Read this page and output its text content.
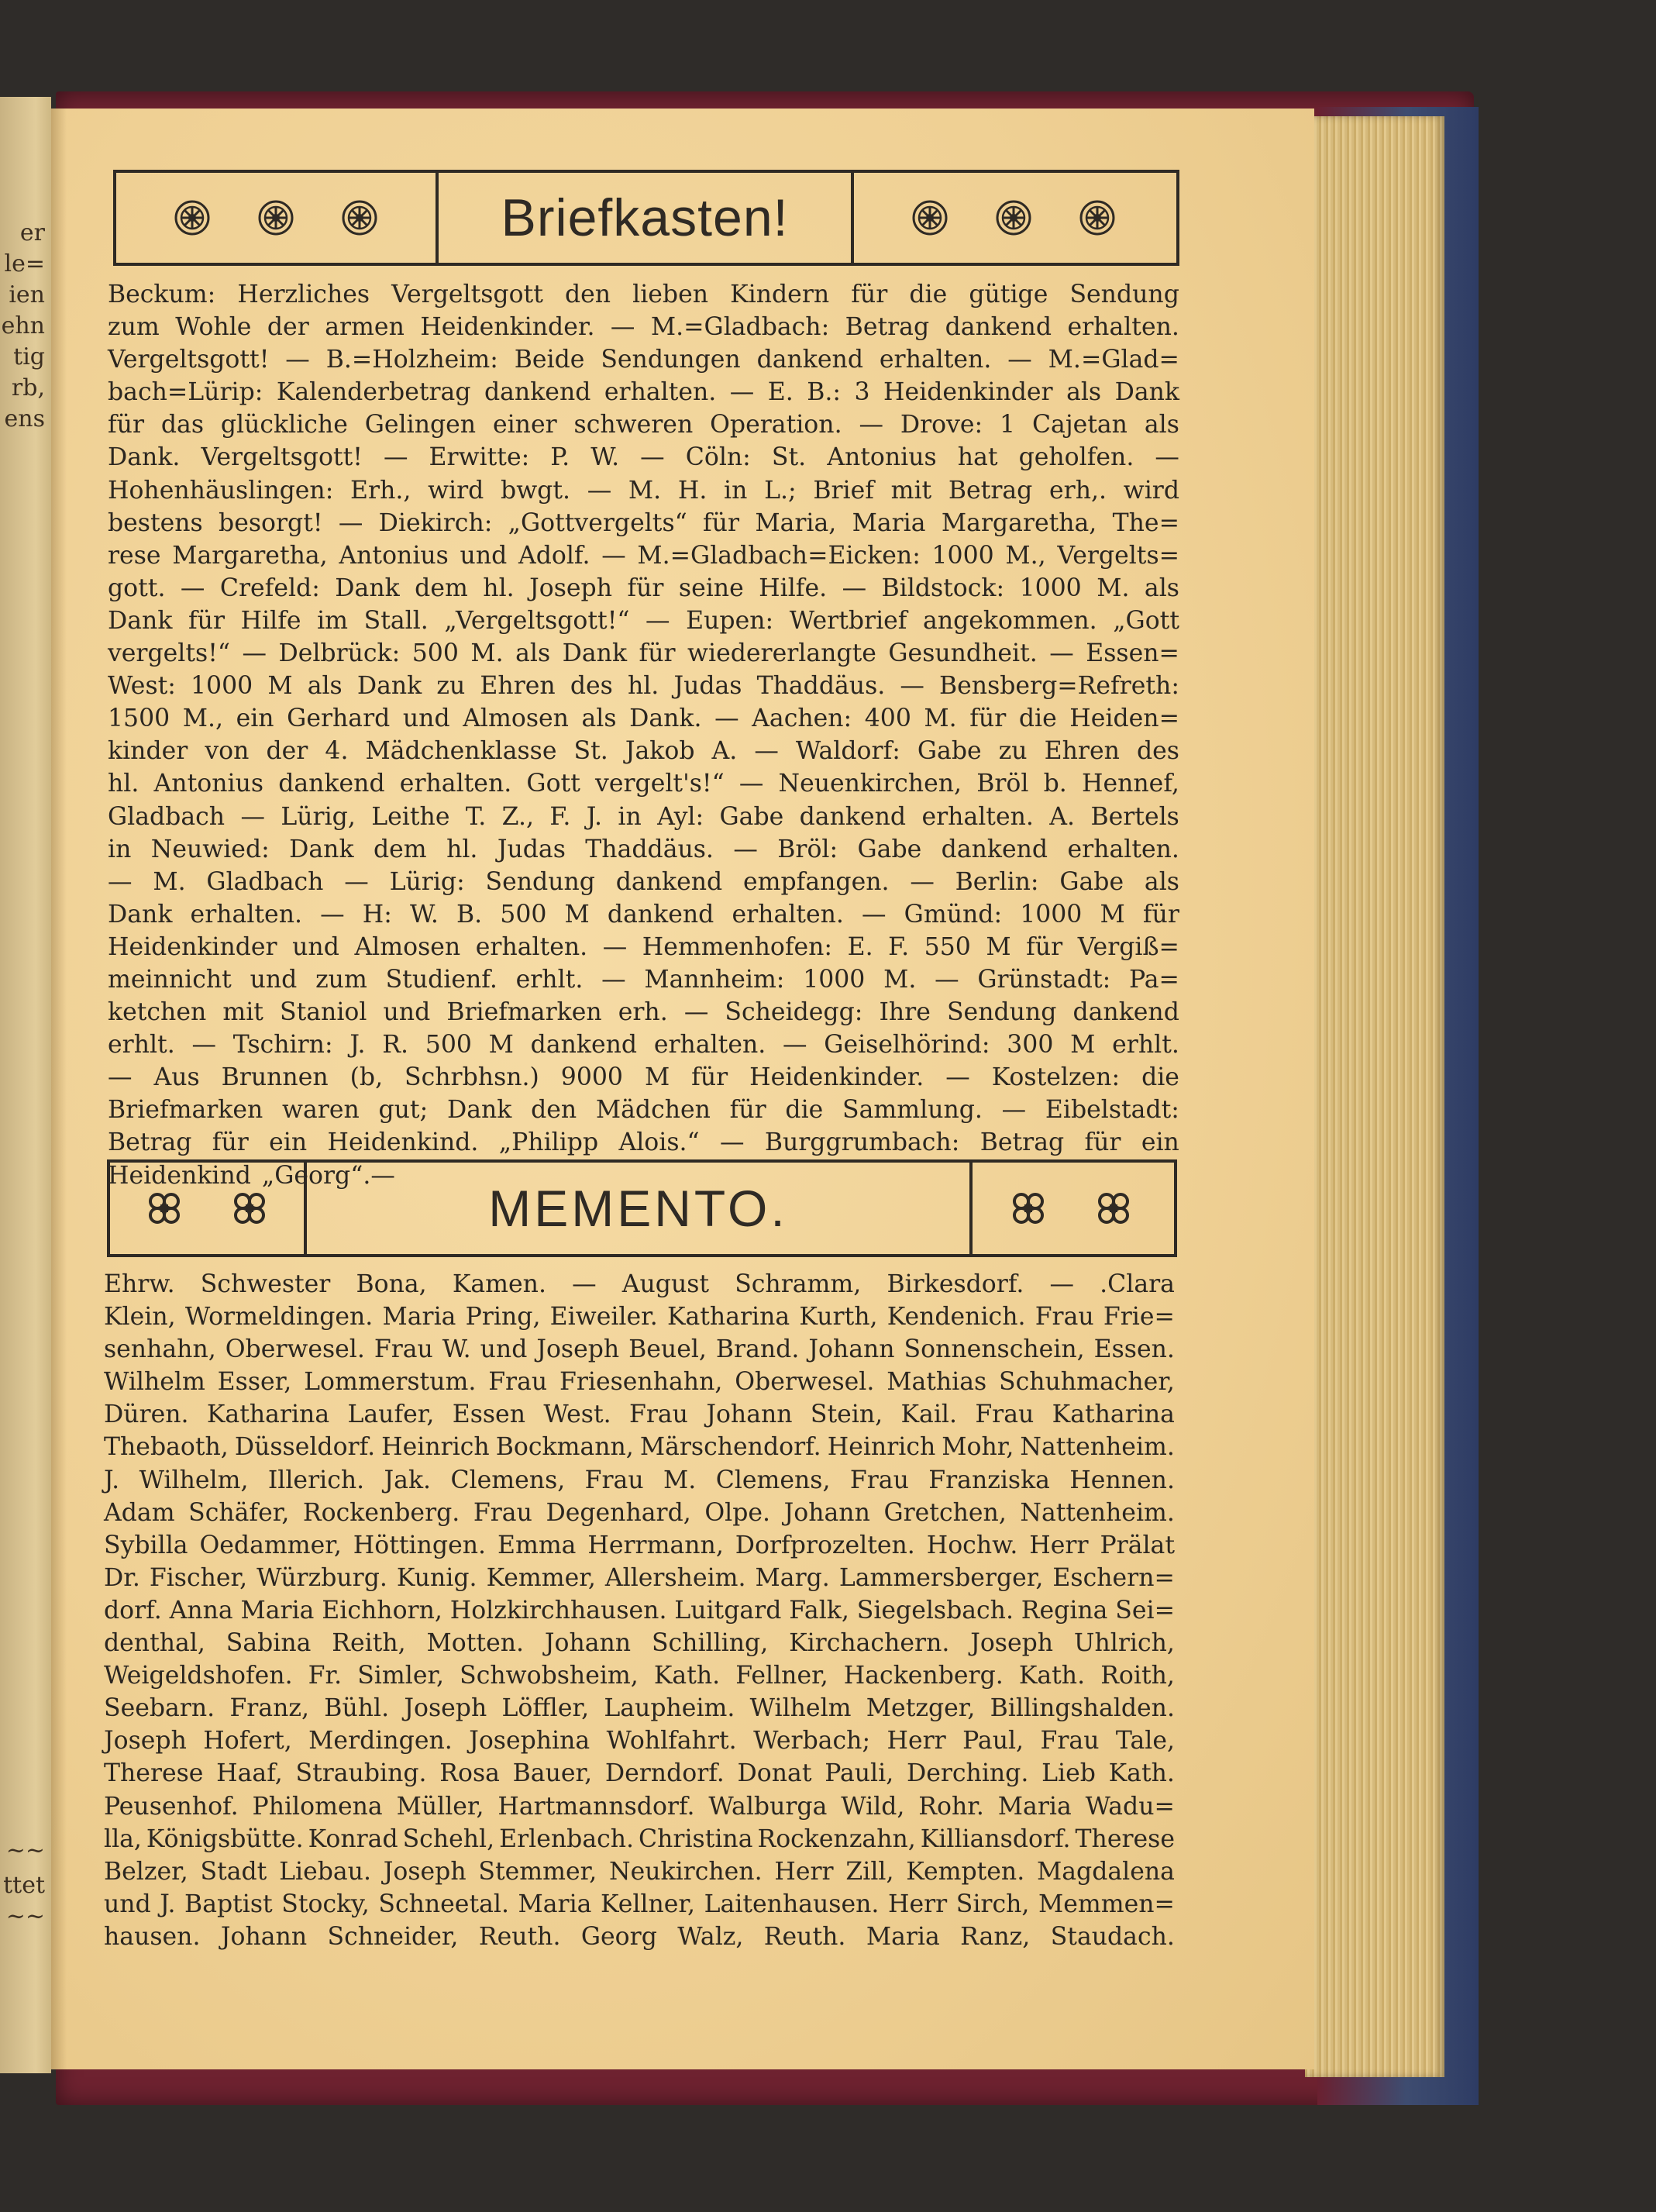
er
le=
ien
ehn
tig
rb,
ens
~~
ttet
~~
Briefkasten!
Beckum: Herzliches Vergeltsgott den lieben Kindern für die gütige Sendung
zum Wohle der armen Heidenkinder. — M.=Gladbach: Betrag dankend erhalten.
Vergeltsgott! — B.=Holzheim: Beide Sendungen dankend erhalten. — M.=Glad=
bach=Lürip: Kalenderbetrag dankend erhalten. — E. B.: 3 Heidenkinder als Dank
für das glückliche Gelingen einer schweren Operation. — Drove: 1 Cajetan als
Dank. Vergeltsgott! — Erwitte: P. W. — Cöln: St. Antonius hat geholfen. —
Hohenhäuslingen: Erh., wird bwgt. — M. H. in L.; Brief mit Betrag erh,. wird
bestens besorgt! — Diekirch: „Gottvergelts“ für Maria, Maria Margaretha, The=
rese Margaretha, Antonius und Adolf. — M.=Gladbach=Eicken: 1000 M., Vergelts=
gott. — Crefeld: Dank dem hl. Joseph für seine Hilfe. — Bildstock: 1000 M. als
Dank für Hilfe im Stall. „Vergeltsgott!“ — Eupen: Wertbrief angekommen. „Gott
vergelts!“ — Delbrück: 500 M. als Dank für wiedererlangte Gesundheit. — Essen=
West: 1000 M als Dank zu Ehren des hl. Judas Thaddäus. — Bensberg=Refreth:
1500 M., ein Gerhard und Almosen als Dank. — Aachen: 400 M. für die Heiden=
kinder von der 4. Mädchenklasse St. Jakob A. — Waldorf: Gabe zu Ehren des
hl. Antonius dankend erhalten. Gott vergelt's!“ — Neuenkirchen, Bröl b. Hennef,
Gladbach — Lürig, Leithe T. Z., F. J. in Ayl: Gabe dankend erhalten. A. Bertels
in Neuwied: Dank dem hl. Judas Thaddäus. — Bröl: Gabe dankend erhalten.
— M. Gladbach — Lürig: Sendung dankend empfangen. — Berlin: Gabe als
Dank erhalten. — H: W. B. 500 M dankend erhalten. — Gmünd: 1000 M für
Heidenkinder und Almosen erhalten. — Hemmenhofen: E. F. 550 M für Vergiß=
meinnicht und zum Studienf. erhlt. — Mannheim: 1000 M. — Grünstadt: Pa=
ketchen mit Staniol und Briefmarken erh. — Scheidegg: Ihre Sendung dankend
erhlt. — Tschirn: J. R. 500 M dankend erhalten. — Geiselhörind: 300 M erhlt.
— Aus Brunnen (b, Schrbhsn.) 9000 M für Heidenkinder. — Kostelzen: die
Briefmarken waren gut; Dank den Mädchen für die Sammlung. — Eibelstadt:
Betrag für ein Heidenkind. „Philipp Alois.“ — Burggrumbach: Betrag für ein
Heidenkind „Georg“.—
MEMENTO.
Ehrw. Schwester Bona, Kamen. — August Schramm, Birkesdorf. — .Clara
Klein, Wormeldingen. Maria Pring, Eiweiler. Katharina Kurth, Kendenich. Frau Frie=
senhahn, Oberwesel. Frau W. und Joseph Beuel, Brand. Johann Sonnenschein, Essen.
Wilhelm Esser, Lommerstum. Frau Friesenhahn, Oberwesel. Mathias Schuhmacher,
Düren. Katharina Laufer, Essen West. Frau Johann Stein, Kail. Frau Katharina
Thebaoth, Düsseldorf. Heinrich Bockmann, Märschendorf. Heinrich Mohr, Nattenheim.
J. Wilhelm, Illerich. Jak. Clemens, Frau M. Clemens, Frau Franziska Hennen.
Adam Schäfer, Rockenberg. Frau Degenhard, Olpe. Johann Gretchen, Nattenheim.
Sybilla Oedammer, Höttingen. Emma Herrmann, Dorfprozelten. Hochw. Herr Prälat
Dr. Fischer, Würzburg. Kunig. Kemmer, Allersheim. Marg. Lammersberger, Eschern=
dorf. Anna Maria Eichhorn, Holzkirchhausen. Luitgard Falk, Siegelsbach. Regina Sei=
denthal, Sabina Reith, Motten. Johann Schilling, Kirchachern. Joseph Uhlrich,
Weigeldshofen. Fr. Simler, Schwobsheim, Kath. Fellner, Hackenberg. Kath. Roith,
Seebarn. Franz, Bühl. Joseph Löffler, Laupheim. Wilhelm Metzger, Billingshalden.
Joseph Hofert, Merdingen. Josephina Wohlfahrt. Werbach; Herr Paul, Frau Tale,
Therese Haaf, Straubing. Rosa Bauer, Derndorf. Donat Pauli, Derching. Lieb Kath.
Peusenhof. Philomena Müller, Hartmannsdorf. Walburga Wild, Rohr. Maria Wadu=
lla, Königsbütte. Konrad Schehl, Erlenbach. Christina Rockenzahn, Killiansdorf. Therese
Belzer, Stadt Liebau. Joseph Stemmer, Neukirchen. Herr Zill, Kempten. Magdalena
und J. Baptist Stocky, Schneetal. Maria Kellner, Laitenhausen. Herr Sirch, Memmen=
hausen. Johann Schneider, Reuth. Georg Walz, Reuth. Maria Ranz, Staudach.
